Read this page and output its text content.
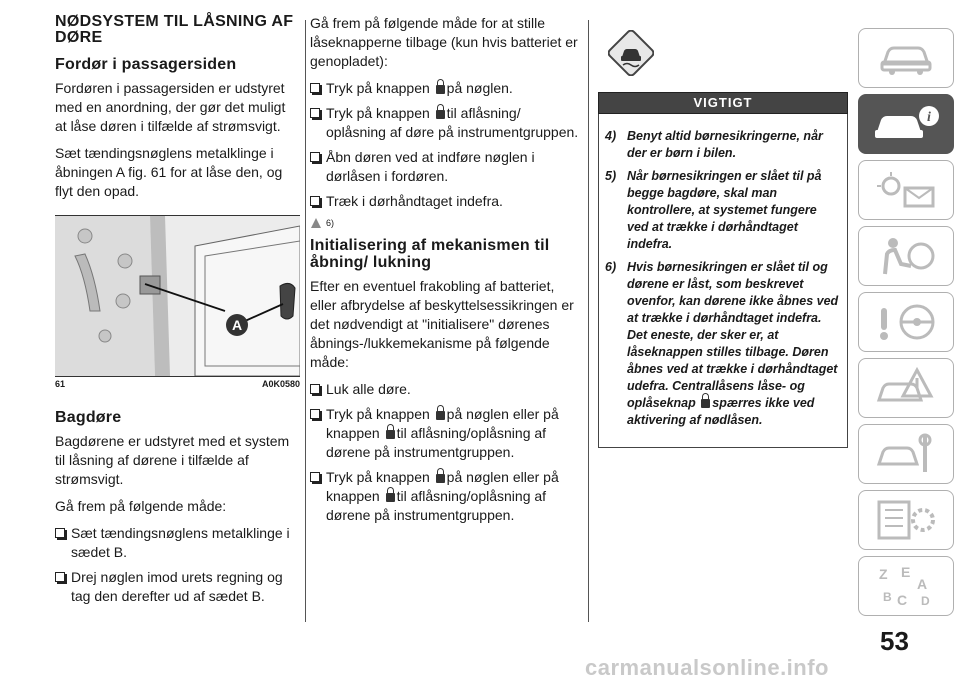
NØDSYSTEM TIL LÅSNING AF DØRE
Fordør i passagersiden

Fordøren i passagersiden er udstyret med en anordning, der gør det muligt at låse døren i tilfælde af strømsvigt.

Sæt tændingsnøglens metalklinge i åbningen A fig. 61 for at låse den, og flyt den opad.

A
61	A0K0580
Bagdøre

Bagdørene er udstyret med et system til låsning af dørene i tilfælde af strømsvigt.

Gå frem på følgende måde:

Sæt tændingsnøglens metalklinge i sædet B.
Drej nøglen imod urets regning og tag den derefter ud af sædet B.

Gå frem på følgende måde for at stille låseknapperne tilbage (kun hvis batteriet er genopladet):

Tryk på knappen på nøglen.
Tryk på knappen til aflåsning/ oplåsning af døre på instrumentgruppen.
Åbn døren ved at indføre nøglen i dørlåsen i fordøren.
Træk i dørhåndtaget indefra.
6)
Initialisering af mekanismen til åbning/ lukning

Efter en eventuel frakobling af batteriet, eller afbrydelse af beskyttelsessikringen er det nødvendigt at "initialisere" dørenes åbnings-/lukkemekanisme på følgende måde:

Luk alle døre.
Tryk på knappen på nøglen eller på knappen til aflåsning/oplåsning af dørene på instrumentgruppen.
Tryk på knappen på nøglen eller på knappen til aflåsning/oplåsning af dørene på instrumentgruppen.
VIGTIGT
4) Benyt altid børnesikringerne, når der er børn i bilen.
5) Når børnesikringen er slået til på begge bagdøre, skal man kontrollere, at systemet fungere ved at trække i dørhåndtaget indefra.
6) Hvis børnesikringen er slået til og dørene er låst, som beskrevet ovenfor, kan dørene ikke åbnes ved at trække i dørhåndtaget indefra. Det eneste, der sker er, at låseknappen stilles tilbage. Døren åbnes ved at trække i dørhåndtaget udefra. Centrallåsens låse- og oplåseknap spærres ikke ved aktivering af nødlåsen.
i
Z E
A
B C D
53
carmanualsonline.info
